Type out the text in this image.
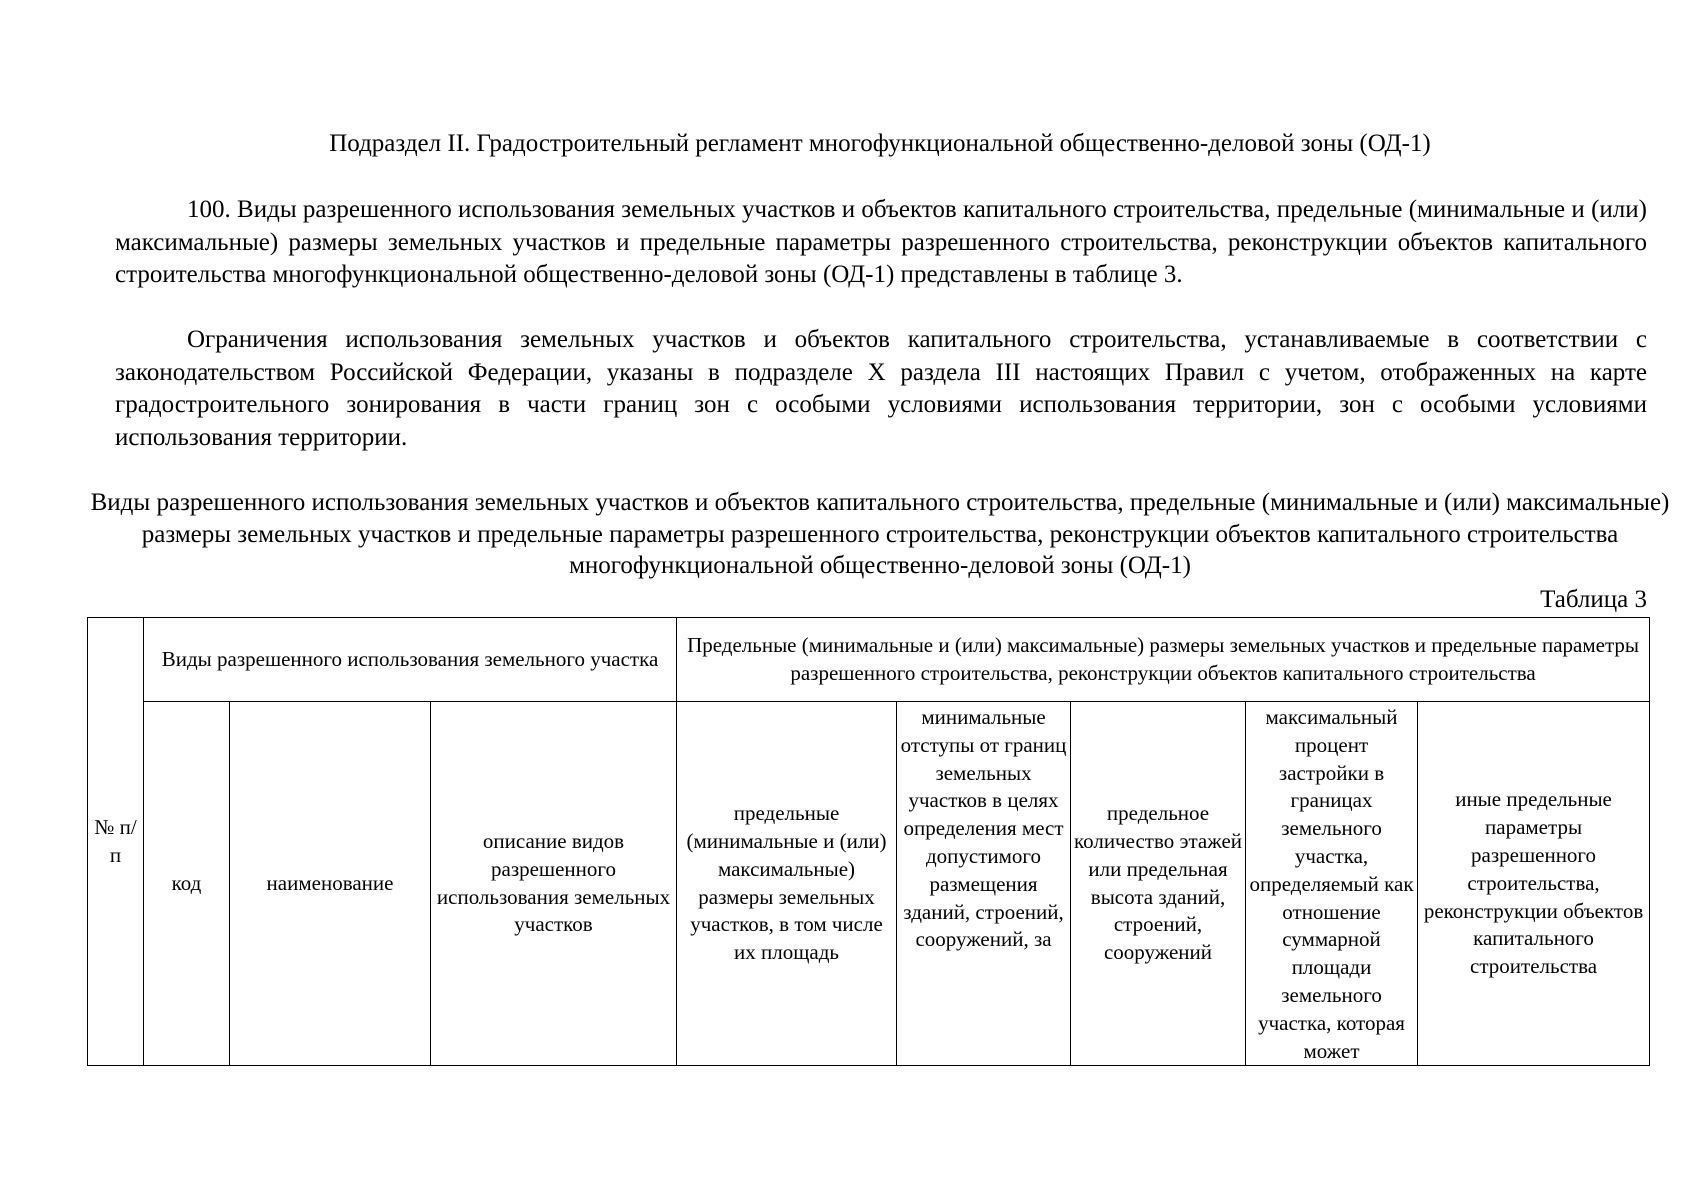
Подраздел II. Градостроительный регламент многофункциональной общественно-деловой зоны (ОД-1)

100. Виды разрешенного использования земельных участков и объектов капитального строительства, предельные (минимальные и (или) максимальные) размеры земельных участков и предельные параметры разрешенного строительства, реконструкции объектов капитального строительства многофункциональной общественно-деловой зоны (ОД-1) представлены в таблице 3.

Ограничения использования земельных участков и объектов капитального строительства, устанавливаемые в соответствии с законодательством Российской Федерации, указаны в подразделе X раздела III настоящих Правил с учетом, отображенных на карте градостроительного зонирования в части границ зон с особыми условиями использования территории, зон с особыми условиями использования территории.

Виды разрешенного использования земельных участков и объектов капитального строительства, предельные (минимальные и (или) максимальные) размеры земельных участков и предельные параметры разрешенного строительства, реконструкции объектов капитального строительства многофункциональной общественно-деловой зоны (ОД-1)
Таблица 3
№ п/п	Виды разрешенного использования земельного участка			Предельные (минимальные и (или) максимальные) размеры земельных участков и предельные параметры разрешенного строительства, реконструкции объектов капитального строительства				
	код	наименование	описание видов разрешенного использования земельных участков	предельные (минимальные и (или) максимальные) размеры земельных участков, в том числе их площадь	минимальные отступы от границ земельных участков в целях определения мест допустимого размещения зданий, строений, сооружений, за	предельное количество этажей или предельная высота зданий, строений, сооружений	максимальный процент застройки в границах земельного участка, определяемый как отношение суммарной площади земельного участка, которая может	иные предельные параметры разрешенного строительства, реконструкции объектов капитального строительства
